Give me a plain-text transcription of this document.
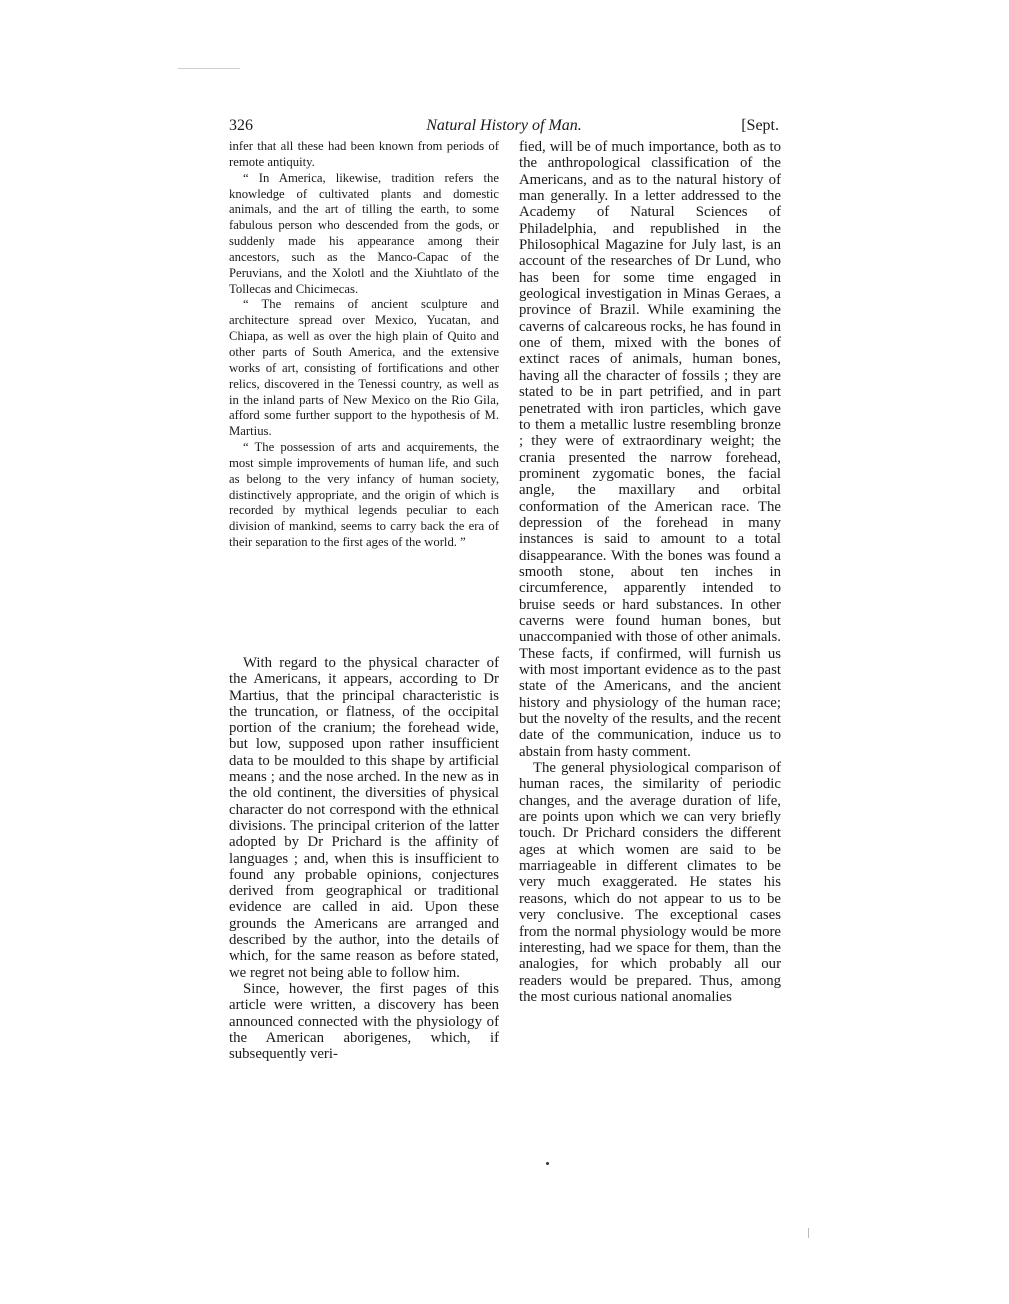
326	Natural History of Man.	[Sept.

infer that all these had been known from periods of remote antiquity.

“ In America, likewise, tradition refers the knowledge of cultivated plants and domestic animals, and the art of tilling the earth, to some fabulous person who descended from the gods, or suddenly made his appearance among their ancestors, such as the Manco-Capac of the Peruvians, and the Xolotl and the Xiuhtlato of the Tollecas and Chicimecas.

“ The remains of ancient sculpture and architecture spread over Mexico, Yucatan, and Chiapa, as well as over the high plain of Quito and other parts of South America, and the extensive works of art, consisting of fortifications and other relics, discovered in the Tenessi country, as well as in the inland parts of New Mexico on the Rio Gila, afford some further support to the hypothesis of M. Martius.

“ The possession of arts and acquirements, the most simple improvements of human life, and such as belong to the very infancy of human society, distinctively appropriate, and the origin of which is recorded by mythical legends peculiar to each division of mankind, seems to carry back the era of their separation to the first ages of the world. ”

With regard to the physical character of the Americans, it appears, according to Dr Martius, that the principal characteristic is the truncation, or flatness, of the occipital portion of the cranium; the forehead wide, but low, supposed upon rather insufficient data to be moulded to this shape by artificial means ; and the nose arched. In the new as in the old continent, the diversities of physical character do not correspond with the ethnical divisions. The principal criterion of the latter adopted by Dr Prichard is the affinity of languages ; and, when this is insufficient to found any probable opinions, conjectures derived from geographical or traditional evidence are called in aid. Upon these grounds the Americans are arranged and described by the author, into the details of which, for the same reason as before stated, we regret not being able to follow him.

Since, however, the first pages of this article were written, a discovery has been announced connected with the physiology of the American aborigenes, which, if subsequently veri-

fied, will be of much importance, both as to the anthropological classification of the Americans, and as to the natural history of man generally. In a letter addressed to the Academy of Natural Sciences of Philadelphia, and republished in the Philosophical Magazine for July last, is an account of the researches of Dr Lund, who has been for some time engaged in geological investigation in Minas Geraes, a province of Brazil. While examining the caverns of calcareous rocks, he has found in one of them, mixed with the bones of extinct races of animals, human bones, having all the character of fossils ; they are stated to be in part petrified, and in part penetrated with iron particles, which gave to them a metallic lustre resembling bronze ; they were of extraordinary weight; the crania presented the narrow forehead, prominent zygomatic bones, the facial angle, the maxillary and orbital conformation of the American race. The depression of the forehead in many instances is said to amount to a total disappearance. With the bones was found a smooth stone, about ten inches in circumference, apparently intended to bruise seeds or hard substances. In other caverns were found human bones, but unaccompanied with those of other animals. These facts, if confirmed, will furnish us with most important evidence as to the past state of the Americans, and the ancient history and physiology of the human race; but the novelty of the results, and the recent date of the communication, induce us to abstain from hasty comment.

The general physiological comparison of human races, the similarity of periodic changes, and the average duration of life, are points upon which we can very briefly touch. Dr Prichard considers the different ages at which women are said to be marriageable in different climates to be very much exaggerated. He states his reasons, which do not appear to us to be very conclusive. The exceptional cases from the normal physiology would be more interesting, had we space for them, than the analogies, for which probably all our readers would be prepared. Thus, among the most curious national anomalies
